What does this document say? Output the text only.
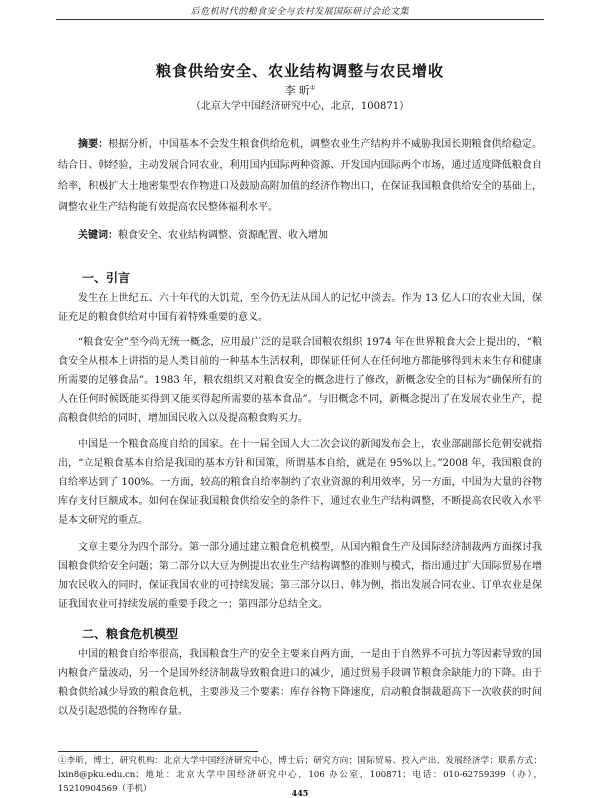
后危机时代的粮食安全与农村发展国际研讨会论文集
粮食供给安全、农业结构调整与农民增收
李 昕①
（北京大学中国经济研究中心，北京，100871）
摘要：根据分析，中国基本不会发生粮食供给危机，调整农业生产结构并不威胁我国长期粮食供给稳定。结合日、韩经验，主动发展合同农业，利用国内国际两种资源、开发国内国际两个市场，通过适度降低粮食自给率，积极扩大土地密集型农作物进口及鼓励高附加值的经济作物出口，在保证我国粮食供给安全的基础上，调整农业生产结构能有效提高农民整体福利水平。
关键词：粮食安全、农业结构调整、资源配置、收入增加
一、引言
发生在上世纪五、六十年代的大饥荒，至今仍无法从国人的记忆中淡去。作为 13 亿人口的农业大国，保证充足的粮食供给对中国有着特殊重要的意义。
“粮食安全”至今尚无统一概念，应用最广泛的是联合国粮农组织 1974 年在世界粮食大会上提出的，“粮食安全从根本上讲指的是人类目前的一种基本生活权利，即保证任何人在任何地方都能够得到未来生存和健康所需要的足够食品”。1983 年，粮农组织又对粮食安全的概念进行了修改，新概念安全的目标为“确保所有的人在任何时候既能买得到又能买得起所需要的基本食品”。与旧概念不同，新概念提出了在发展农业生产，提高粮食供给的同时，增加国民收入以及提高粮食购买力。
中国是一个粮食高度自给的国家。在十一届全国人大二次会议的新闻发布会上，农业部副部长危朝安就指出，“立足粮食基本自给是我国的基本方针和国策，所谓基本自给，就是在 95%以上。”2008 年，我国粮食的自给率达到了 100%。一方面，较高的粮食自给率制约了农业资源的利用效率，另一方面，中国为大量的谷物库存支付巨额成本。如何在保证我国粮食供给安全的条件下，通过农业生产结构调整，不断提高农民收入水平是本文研究的重点。
文章主要分为四个部分。第一部分通过建立粮食危机模型，从国内粮食生产及国际经济制裁两方面探讨我国粮食供给安全问题；第二部分以大豆为例提出农业生产结构调整的准则与模式，指出通过扩大国际贸易在增加农民收入的同时，保证我国农业的可持续发展；第三部分以日、韩为例，指出发展合同农业、订单农业是保证我国农业可持续发展的重要手段之一；第四部分总结全文。
二、粮食危机模型
中国的粮食自给率很高，我国粮食生产的安全主要来自两方面，一是由于自然界不可抗力等因素导致的国内粮食产量波动，另一个是国外经济制裁导致粮食进口的减少，通过贸易手段调节粮食余缺能力的下降。由于粮食供给减少导致的粮食危机，主要涉及三个要素：库存谷物下降速度，启动粮食制裁超高下一次收获的时间以及引起恐慌的谷物库存量。
①李昕，博士，研究机构：北京大学中国经济研究中心，博士后；研究方向：国际贸易、投入产出、发展经济学；联系方式：lxin8@pku.edu.cn；地址：北京大学中国经济研究中心，106 办公室，100871；电话：010-62759399（办），15210904569（手机）	445
